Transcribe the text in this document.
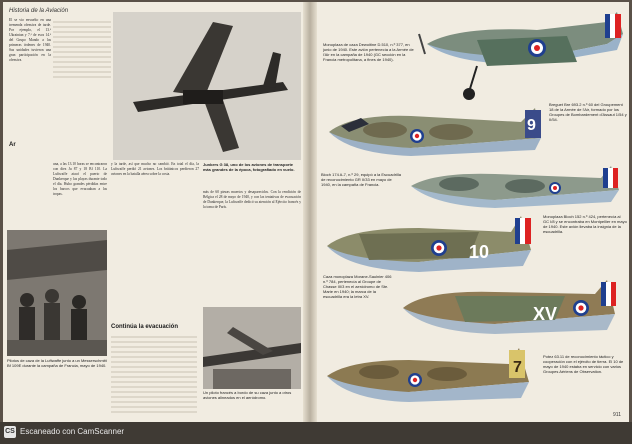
Historia de la Aviación

Él se vio envuelto en una tremenda ofensiva de tarde. Por ejemplo, el 13.ª Ukrainian y 7.ª de esos 14.ª del Grupo Mando a las primeras órdenes de 1940. Sus unidades tuvieron una gran participación en la ofensiva.

una, a las 13.10 horas se encontraron con diez Ju 87 y 18 Bf 110. La Luftwaffe atacó el puerto de Dunkerque y las playas durante todo el día. Hubo grandes pérdidas entre los barcos que evacuaban a las tropas.

y la tarde, así que mucho no cambió. En total el día, la Luftwaffe perdió 21 aviones. Los británicos perdieron 27 aviones en la batalla aérea sobre la costa.

Junkers G 38, uno de los aviones de transporte más grandes de la época, fotografiado en vuelo.

más de 60 piezas muertos y desaparecidos. Con la rendición de Bélgica el 28 de mayo de 1940, y con las tentativas de evacuación de Dunkerque, la Luftwaffe dedicó su atención al Ejército francés y la toma de París.

Ar
Pilotos de caza de la Luftwaffe junto a un Messerschmitt Bf 109E durante la campaña de Francia, mayo de 1940.
Continúa la evacuación
Un piloto francés a bordo de su caza junto a otros aviones alineados en el aeródromo.
Monoplaza de caza Dewoitine D.510, n.º 377, en junio de 1940. Este avión pertenecía a la Armée de l'Air en la campaña de 1940 (GC sección en la Francia metropolitana, a fines de 1940).
9
Breguet Bre 693.2 n.º 60 del Groupement 18 de la Armée de l'Air, formado por los Groupes de Bombardement d'Assaut 1/54 y II/54.
Bloch 174 A-7, n.º 29, equipó a la Escuadrilla de reconocimiento GR II/33 en mayo de 1940, en la campaña de Francia.
10
Monoplaza Bloch 152 n.º 424, pertenecía al GC I/8 y se encontraba en Montpellier en mayo de 1940. Este avión llevaba la insignia de la escuadrilla.
XV
Caza monoplaza Morane-Saulnier 406 n.º 784, pertenecía al Groupe de Chasse III/3 en el aeródromo de Ste. Marie en 1940; la marca de la escuadrilla era la letra XV.
7
Potez 63.11 de reconocimiento táctico y cooperación con el ejército de tierra. El 10 de mayo de 1940 estaba en servicio con varios Groupes Aériens de Observation.
911
CS Escaneado con CamScanner
